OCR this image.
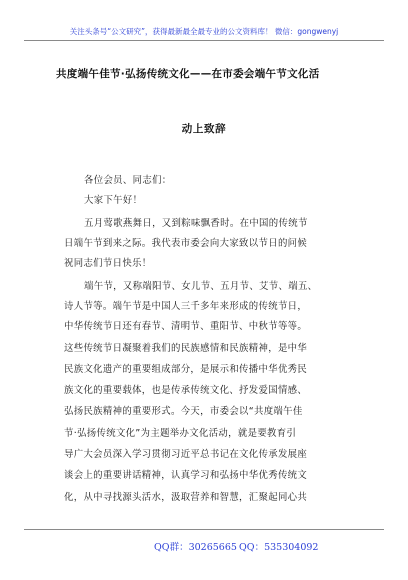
关注头条号“公文研究”，获得最新最全最专业的公文资料库！ 微信：gongwenyj
共度端午佳节·弘扬传统文化——在市委会端午节文化活
动上致辞
各位会员、同志们：
大家下午好！
五月莺歌燕舞日，又到粽味飘香时。在中国的传统节
日端午节到来之际。我代表市委会向大家致以节日的问候
祝同志们节日快乐！
端午节，又称端阳节、女儿节、五月节、艾节、端五、
诗人节等。端午节是中国人三千多年来形成的传统节日，
中华传统节日还有春节、清明节、重阳节、中秋节等等。
这些传统节日凝聚着我们的民族感情和民族精神，是中华
民族文化遗产的重要组成部分，是展示和传播中华优秀民
族文化的重要载体，也是传承传统文化、抒发爱国情感、
弘扬民族精神的重要形式。今天，市委会以“共度端午佳
节·弘扬传统文化”为主题举办文化活动，就是要教育引
导广大会员深入学习贯彻习近平总书记在文化传承发展座
谈会上的重要讲话精神，认真学习和弘扬中华优秀传统文
化，从中寻找源头活水，汲取营养和智慧，汇聚起同心共
QQ群：30265665 QQ：535304092
